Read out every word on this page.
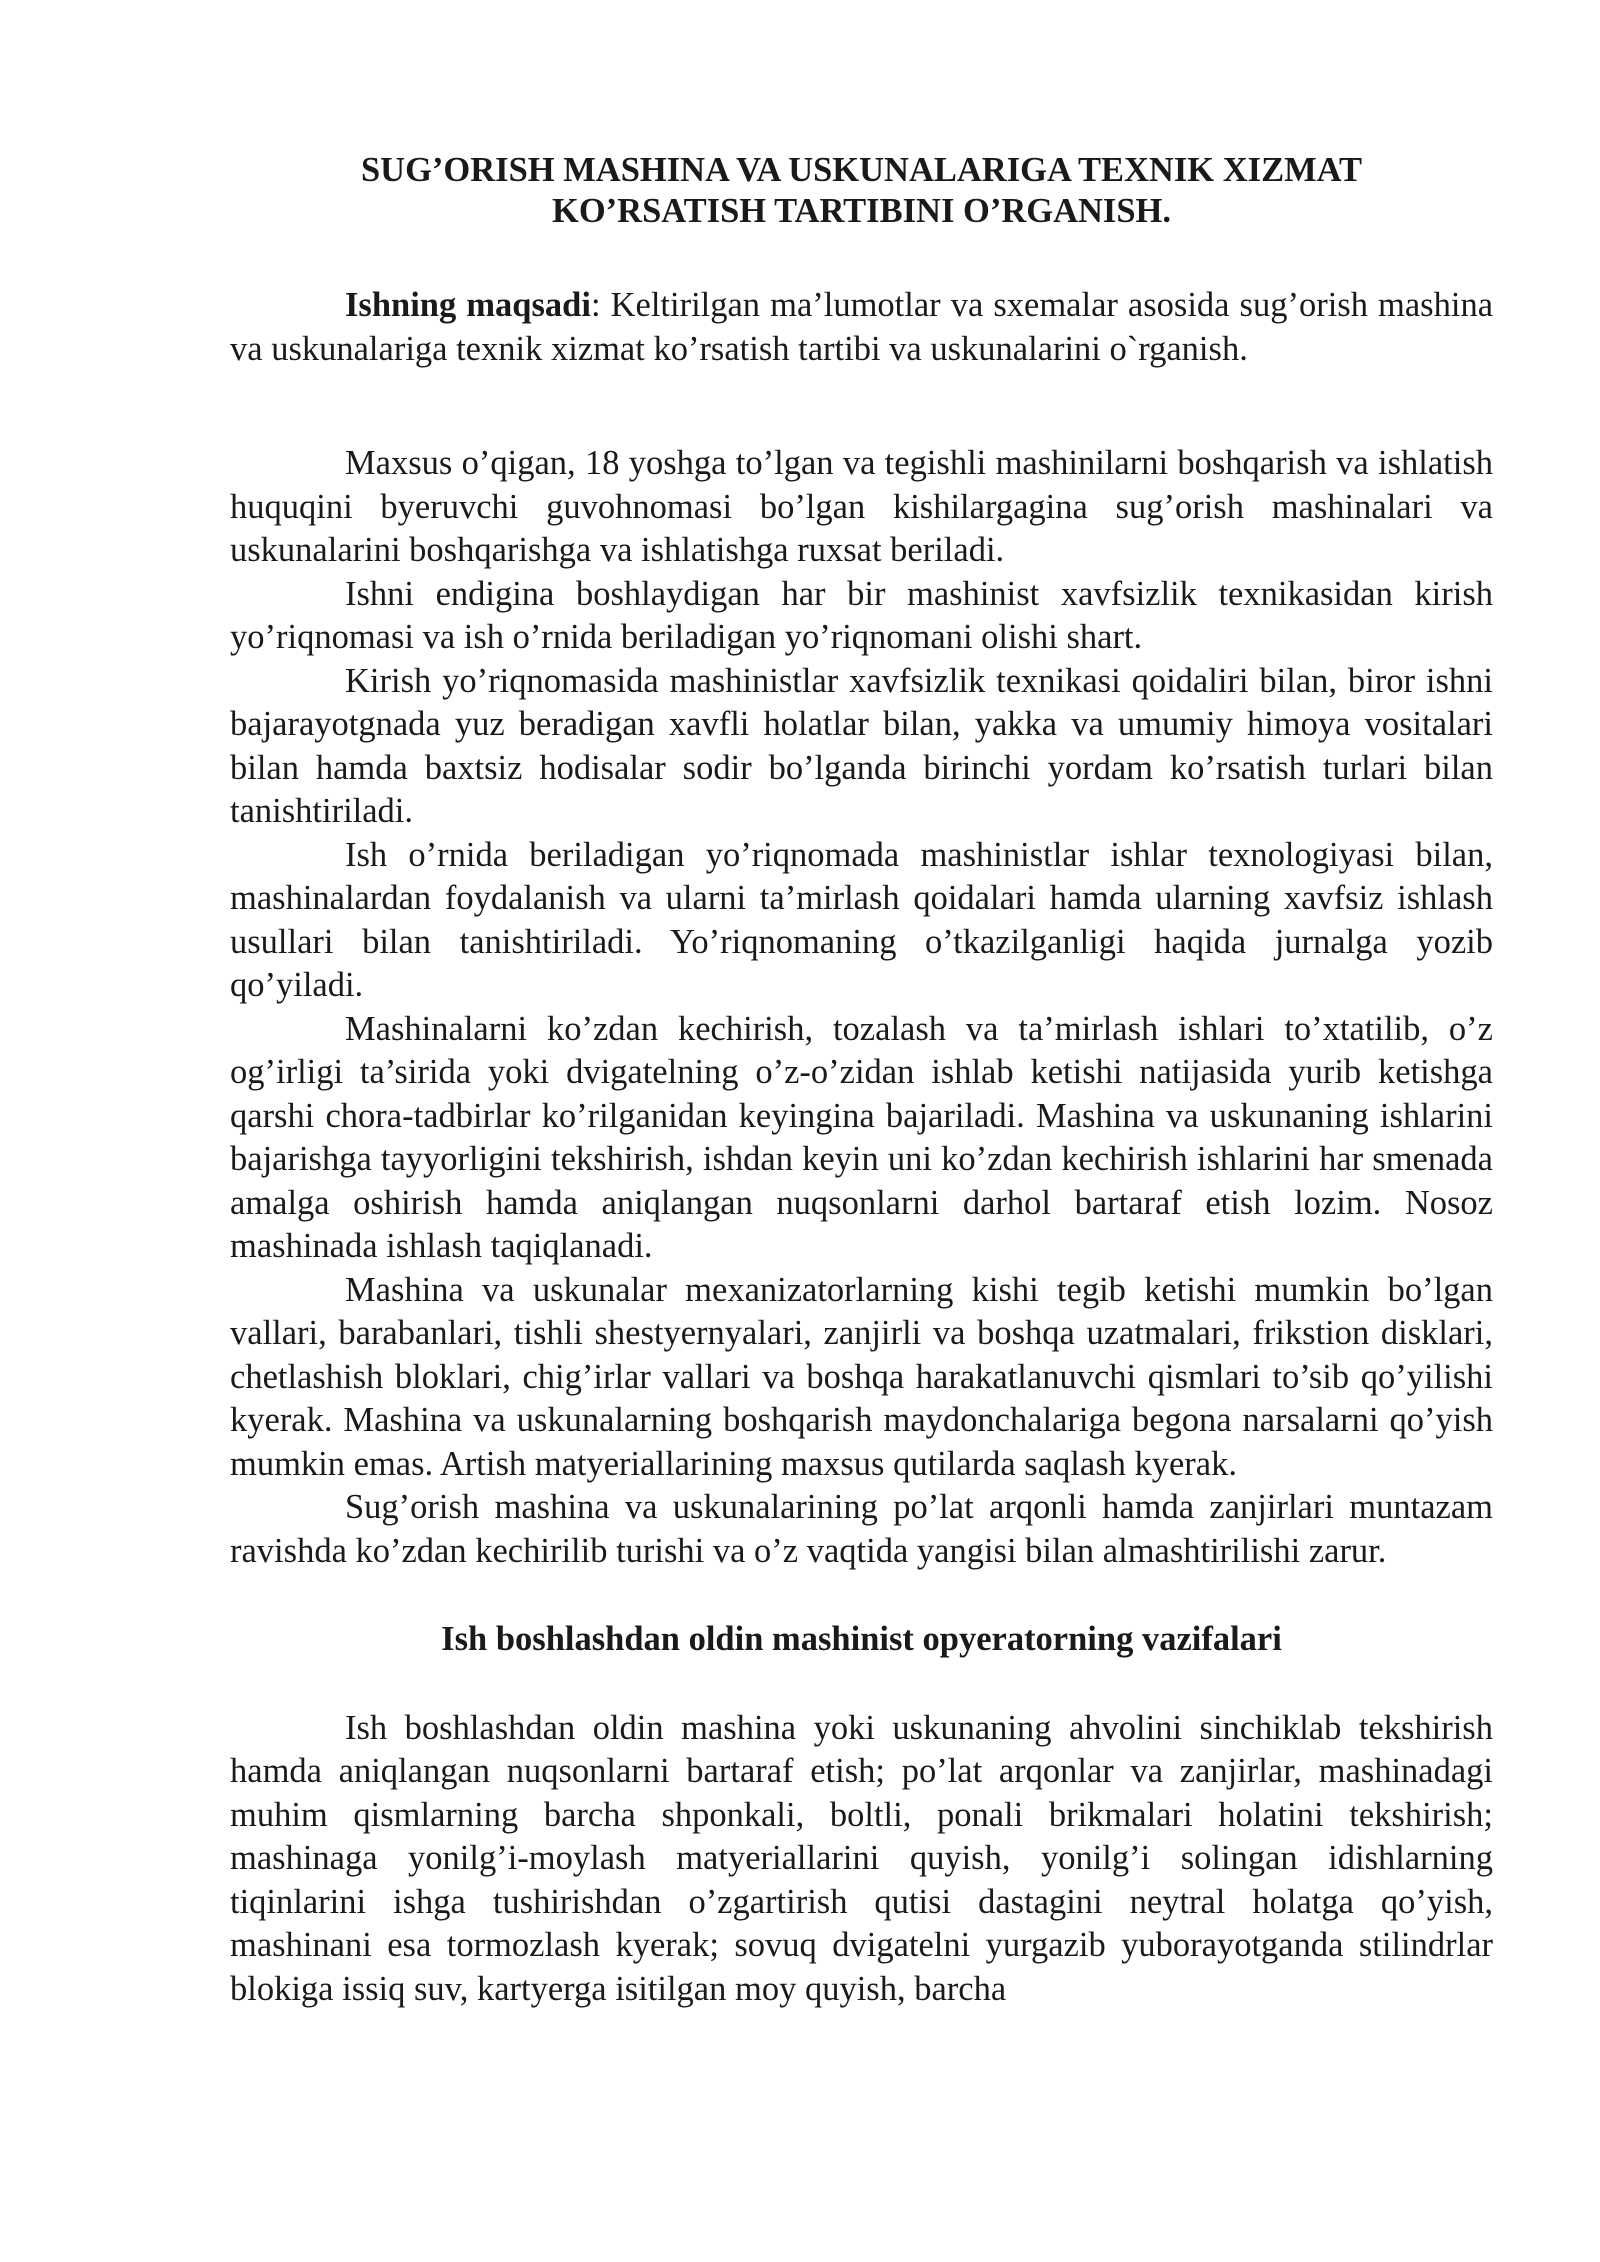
SUG’ORISH MASHINA VA USKUNALARIGA TEXNIK XIZMAT
KO’RSATISH TARTIBINI O’RGANISH.

Ishning maqsadi: Keltirilgan ma’lumotlar va sxemalar asosida sug’orish mashina va uskunalariga texnik xizmat ko’rsatish tartibi va uskunalarini o`rganish.

Maxsus o’qigan, 18 yoshga to’lgan va tegishli mashinilarni boshqarish va ishlatish huquqini byeruvchi guvohnomasi bo’lgan kishilargagina sug’orish mashinalari va uskunalarini boshqarishga va ishlatishga ruxsat beriladi.

Ishni endigina boshlaydigan har bir mashinist xavfsizlik texnikasidan kirish yo’riqnomasi va ish o’rnida beriladigan yo’riqnomani olishi shart.

Kirish yo’riqnomasida mashinistlar xavfsizlik texnikasi qoidaliri bilan, biror ishni bajarayotgnada yuz beradigan xavfli holatlar bilan, yakka va umumiy himoya vositalari bilan hamda baxtsiz hodisalar sodir bo’lganda birinchi yordam ko’rsatish turlari bilan tanishtiriladi.

Ish o’rnida beriladigan yo’riqnomada mashinistlar ishlar texnologiyasi bilan, mashinalardan foydalanish va ularni ta’mirlash qoidalari hamda ularning xavfsiz ishlash usullari bilan tanishtiriladi. Yo’riqnomaning o’tkazilganligi haqida jurnalga yozib qo’yiladi.

Mashinalarni ko’zdan kechirish, tozalash va ta’mirlash ishlari to’xtatilib, o’z og’irligi ta’sirida yoki dvigatelning o’z-o’zidan ishlab ketishi natijasida yurib ketishga qarshi chora-tadbirlar ko’rilganidan keyingina bajariladi. Mashina va uskunaning ishlarini bajarishga tayyorligini tekshirish, ishdan keyin uni ko’zdan kechirish ishlarini har smenada amalga oshirish hamda aniqlangan nuqsonlarni darhol bartaraf etish lozim. Nosoz mashinada ishlash taqiqlanadi.

Mashina va uskunalar mexanizatorlarning kishi tegib ketishi mumkin bo’lgan vallari, barabanlari, tishli shestyernyalari, zanjirli va boshqa uzatmalari, frikstion disklari, chetlashish bloklari, chig’irlar vallari va boshqa harakatlanuvchi qismlari to’sib qo’yilishi kyerak. Mashina va uskunalarning boshqarish maydonchalariga begona narsalarni qo’yish mumkin emas. Artish matyeriallarining maxsus qutilarda saqlash kyerak.

Sug’orish mashina va uskunalarining po’lat arqonli hamda zanjirlari muntazam ravishda ko’zdan kechirilib turishi va o’z vaqtida yangisi bilan almashtirilishi zarur.

Ish boshlashdan oldin mashinist opyeratorning vazifalari

Ish boshlashdan oldin mashina yoki uskunaning ahvolini sinchiklab tekshirish hamda aniqlangan nuqsonlarni bartaraf etish; po’lat arqonlar va zanjirlar, mashinadagi muhim qismlarning barcha shponkali, boltli, ponali brikmalari holatini tekshirish; mashinaga yonilg’i-moylash matyeriallarini quyish, yonilg’i solingan idishlarning tiqinlarini ishga tushirishdan o’zgartirish qutisi dastagini neytral holatga qo’yish, mashinani esa tormozlash kyerak; sovuq dvigatelni yurgazib yuborayotganda stilindrlar blokiga issiq suv, kartyerga isitilgan moy quyish, barcha
